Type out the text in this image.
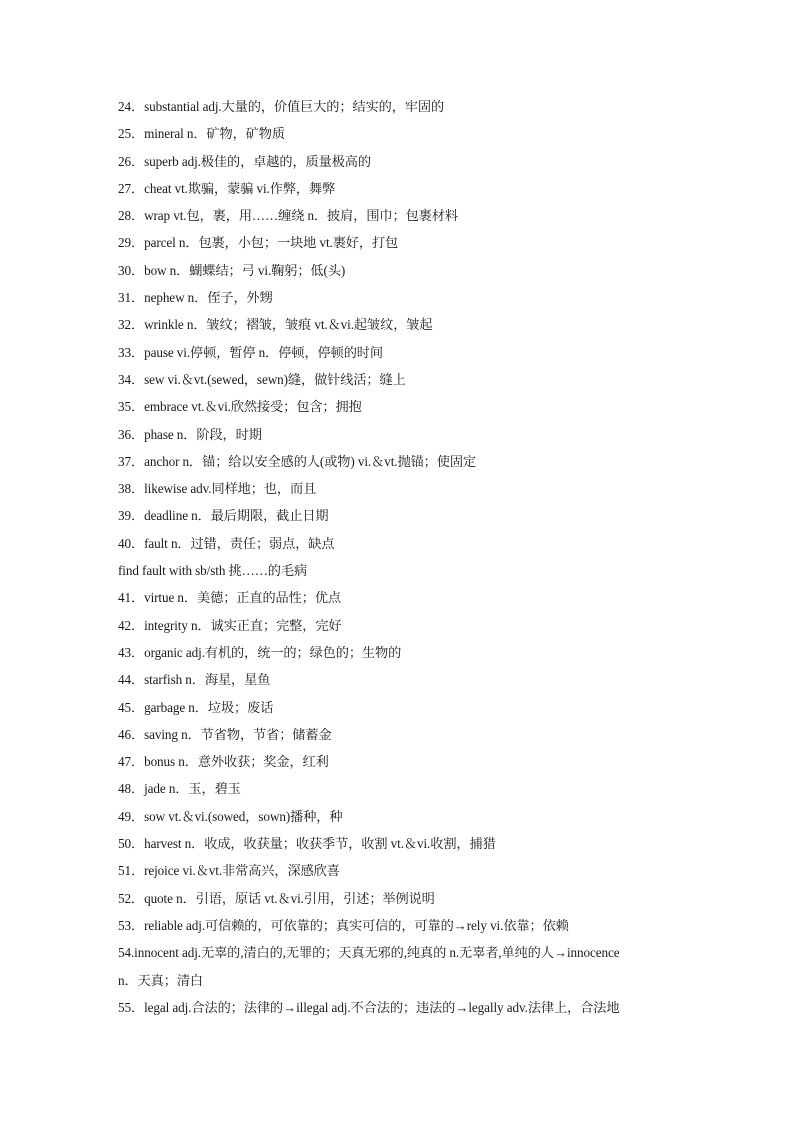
24．substantial adj.大量的，价值巨大的；结实的，牢固的
25．mineral n．矿物，矿物质
26．superb adj.极佳的，卓越的，质量极高的
27．cheat vt.欺骗，蒙骗 vi.作弊，舞弊
28．wrap vt.包，裹，用……缠绕 n．披肩，围巾；包裹材料
29．parcel n．包裹，小包；一块地 vt.裹好，打包
30．bow n．蝴蝶结；弓 vi.鞠躬；低(头)
31．nephew n．侄子，外甥
32．wrinkle n．皱纹；褶皱，皱痕 vt.＆vi.起皱纹，皱起
33．pause vi.停顿，暂停 n．停顿，停顿的时间
34．sew vi.＆vt.(sewed，sewn)缝，做针线活；缝上
35．embrace vt.＆vi.欣然接受；包含；拥抱
36．phase n．阶段，时期
37．anchor n．锚；给以安全感的人(或物) vi.＆vt.抛锚；使固定
38．likewise adv.同样地；也，而且
39．deadline n．最后期限，截止日期
40．fault n．过错，责任；弱点，缺点
find fault with sb/sth 挑……的毛病
41．virtue n．美德；正直的品性；优点
42．integrity n．诚实正直；完整，完好
43．organic adj.有机的，统一的；绿色的；生物的
44．starfish n．海星，星鱼
45．garbage n．垃圾；废话
46．saving n．节省物，节省；储蓄金
47．bonus n．意外收获；奖金，红利
48．jade n．玉，碧玉
49．sow vt.＆vi.(sowed，sown)播种，种
50．harvest n．收成，收获量；收获季节，收割 vt.＆vi.收割，捕猎
51．rejoice vi.＆vt.非常高兴，深感欣喜
52．quote n．引语，原话 vt.＆vi.引用，引述；举例说明
53．reliable adj.可信赖的，可依靠的；真实可信的，可靠的→rely vi.依靠；依赖
54.innocent adj.无辜的,清白的,无罪的；天真无邪的,纯真的 n.无辜者,单纯的人→innocence
n．天真；清白
55．legal adj.合法的；法律的→illegal adj.不合法的；违法的→legally adv.法律上，合法地
